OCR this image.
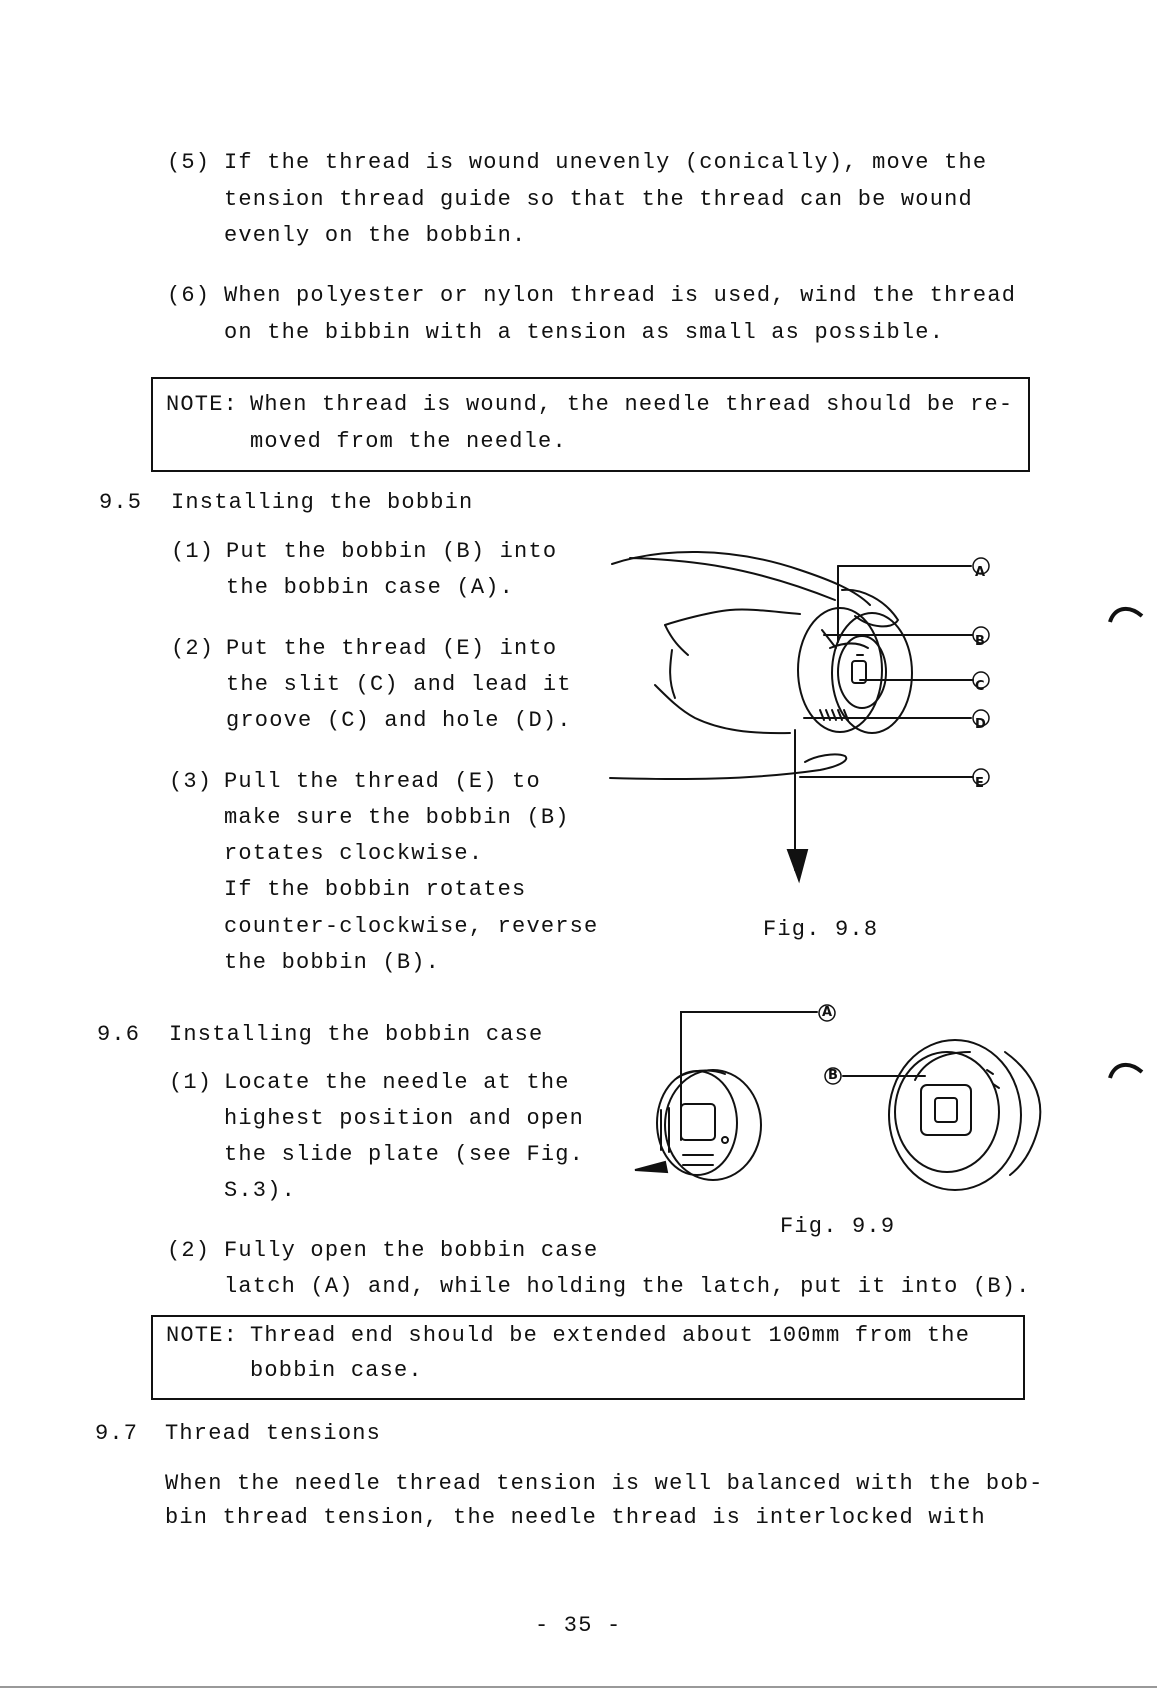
(5) If the thread is wound unevenly (conically), move the
tension thread guide so that the thread can be wound
evenly on the bobbin.
(6) When polyester or nylon thread is used, wind the thread
on the bibbin with a tension as small as possible.
NOTE: When thread is wound, the needle thread should be re-
moved from the needle.
9.5 Installing the bobbin
(1) Put the bobbin (B) into
the bobbin case (A).
(2) Put the thread (E) into
the slit (C) and lead it
groove (C) and hole (D).
(3) Pull the thread (E) to
make sure the bobbin (B)
rotates clockwise.
If the bobbin rotates
counter-clockwise, reverse
the bobbin (B).
A
B
C
D
E
Fig. 9.8
9.6 Installing the bobbin case
(1) Locate the needle at the
highest position and open
the slide plate (see Fig.
S.3).
A
B
Fig. 9.9
(2) Fully open the bobbin case
latch (A) and, while holding the latch, put it into (B).
NOTE: Thread end should be extended about 100mm from the
bobbin case.
9.7 Thread tensions
When the needle thread tension is well balanced with the bob-
bin thread tension, the needle thread is interlocked with
- 35 -
